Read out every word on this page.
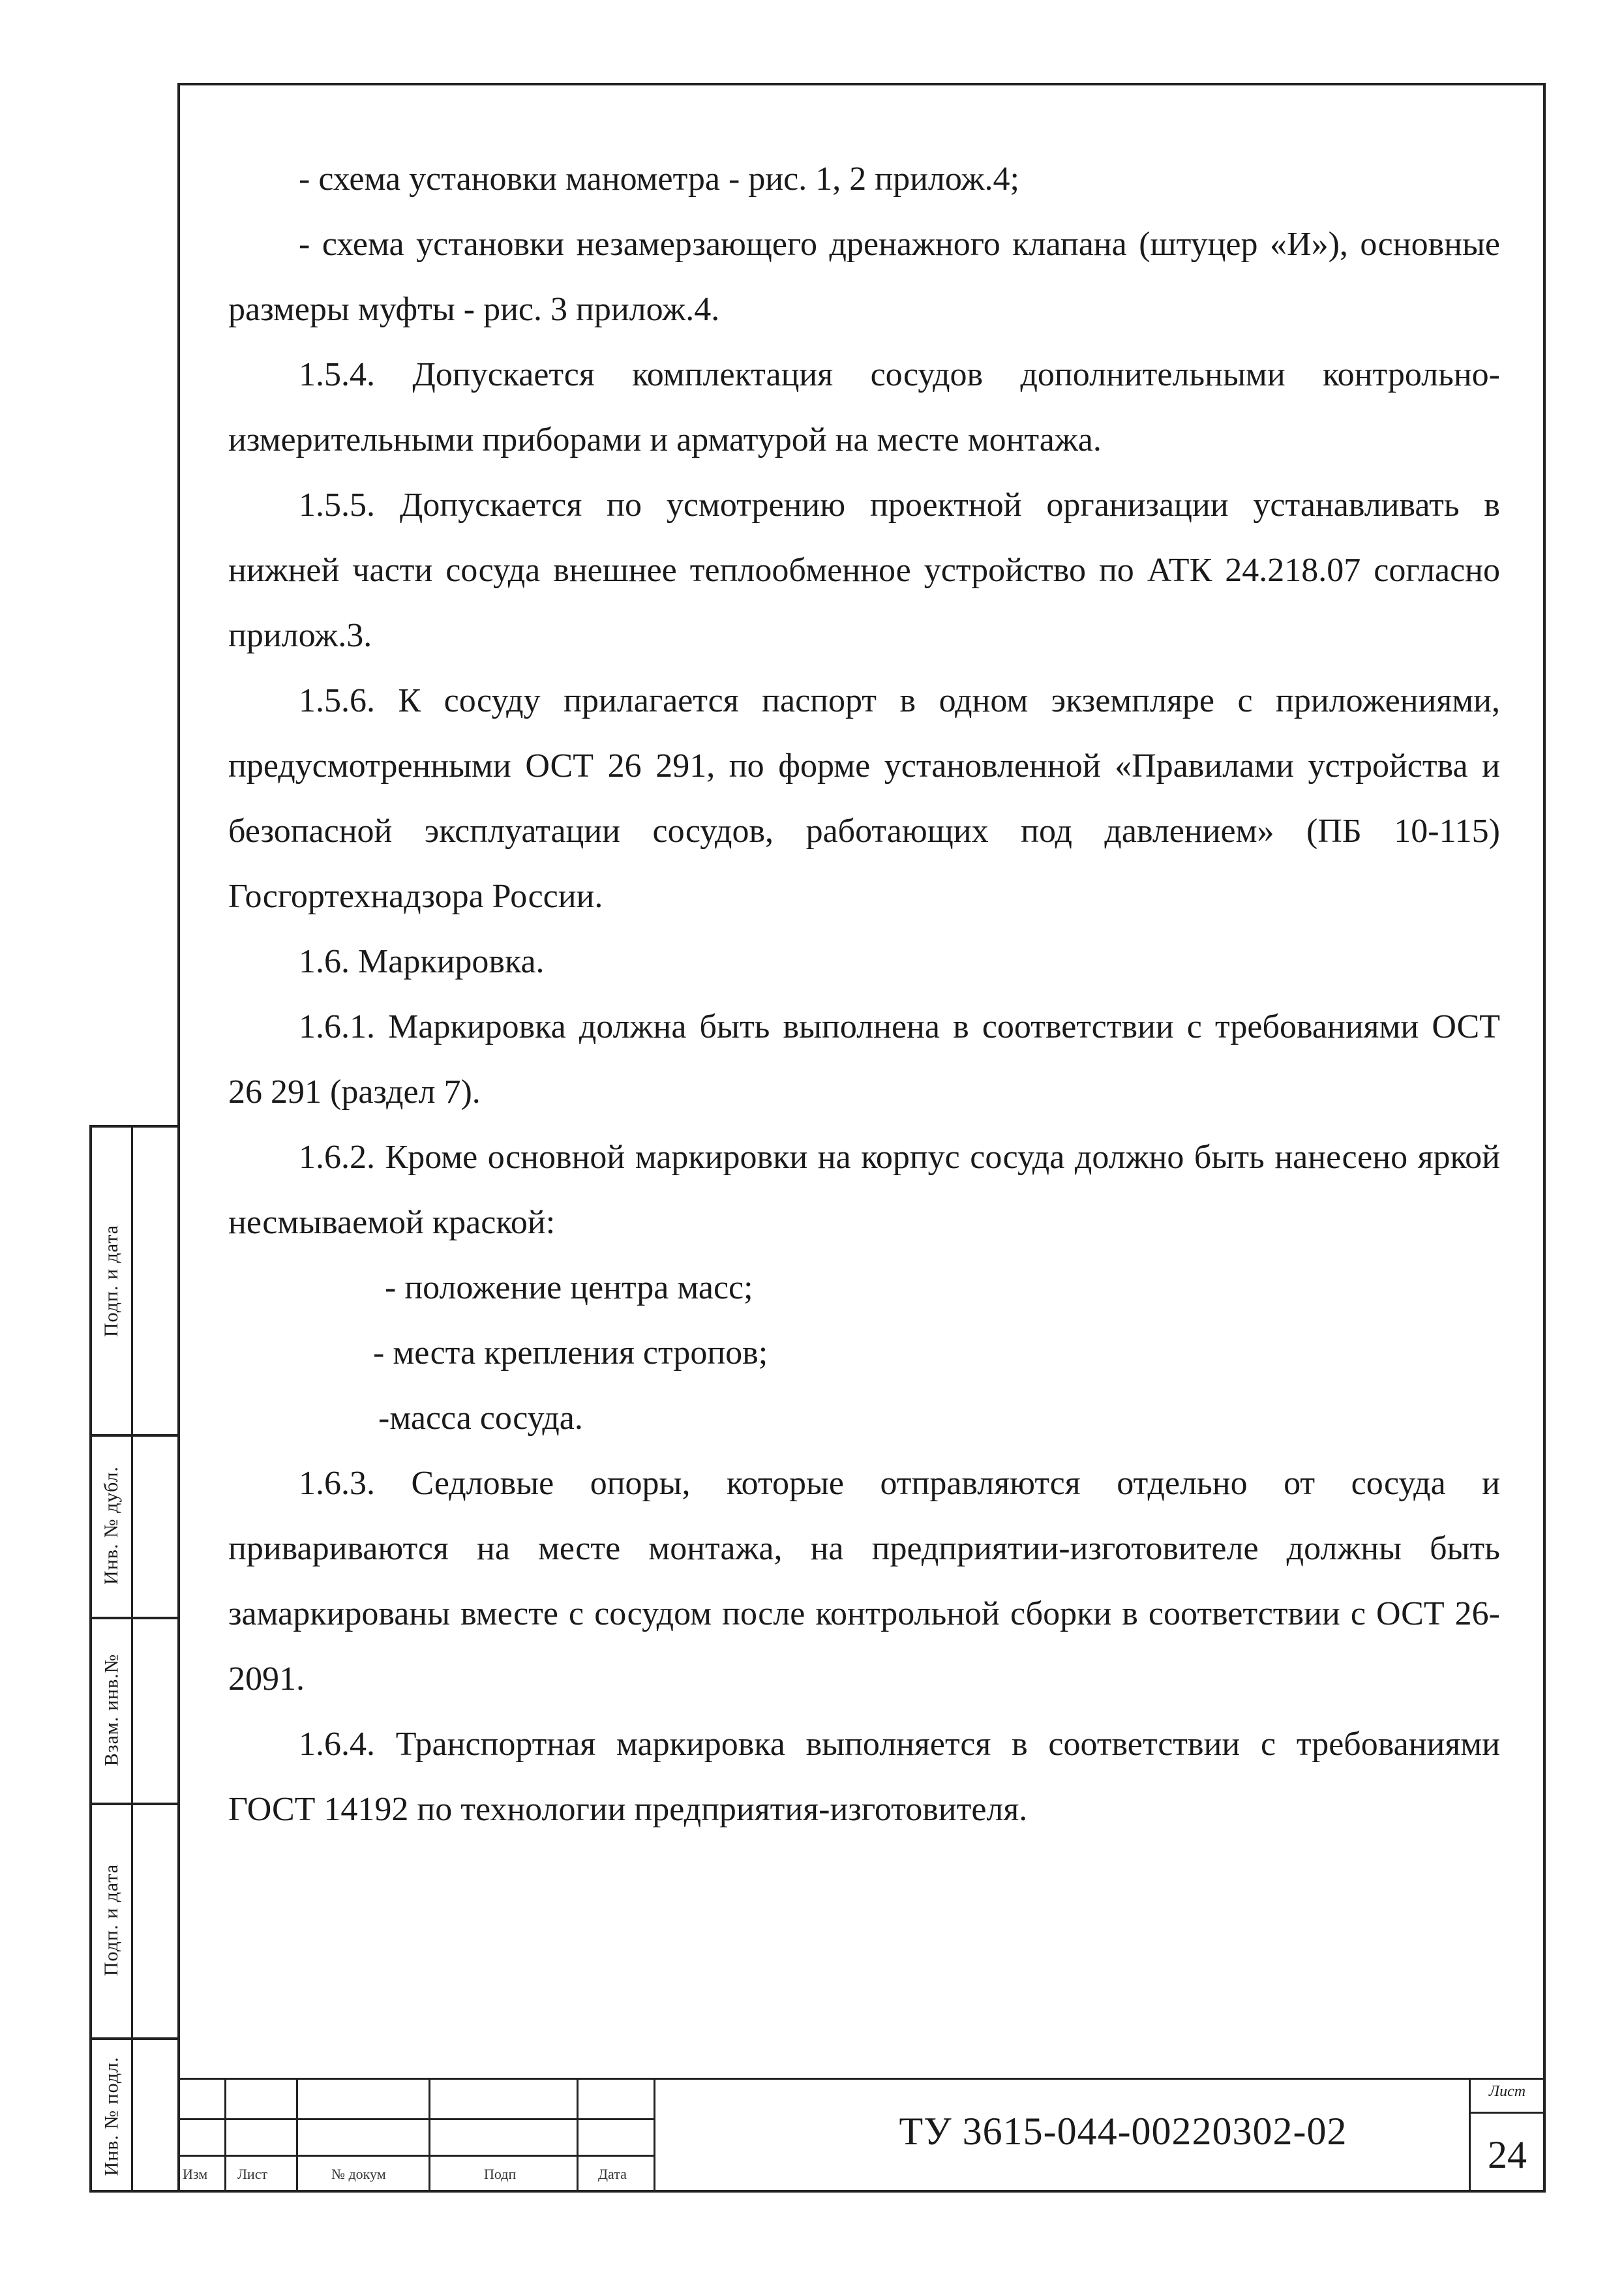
- схема установки манометра - рис. 1, 2 прилож.4;

- схема установки незамерзающего дренажного клапана (штуцер «И»), основные размеры муфты - рис. 3 прилож.4.

1.5.4. Допускается комплектация сосудов дополнительными контрольно-измерительными приборами и арматурой на месте монтажа.

1.5.5. Допускается по усмотрению проектной организации устанавливать в нижней части сосуда внешнее теплообменное устройство по АТК 24.218.07 согласно прилож.3.

1.5.6. К сосуду прилагается паспорт в одном экземпляре с приложениями, предусмотренными ОСТ 26 291, по форме установленной «Правилами устройства и безопасной эксплуатации сосудов, работающих под давлением» (ПБ 10-115) Госгортехнадзора России.

1.6. Маркировка.

1.6.1. Маркировка должна быть выполнена в соответствии с требованиями ОСТ 26 291 (раздел 7).

1.6.2. Кроме основной маркировки на корпус сосуда должно быть нанесено яркой несмываемой краской:

- положение центра масс;

- места крепления стропов;

-масса сосуда.

1.6.3. Седловые опоры, которые отправляются отдельно от сосуда и привариваются на месте монтажа, на предприятии-изготовителе должны быть замаркированы вместе с сосудом после контрольной сборки в соответствии с ОСТ 26-2091.

1.6.4. Транспортная маркировка выполняется в соответствии с требованиями ГОСТ 14192 по технологии предприятия-изготовителя.

Подп. и дата
Инв. № дубл.
Взам. инв.№
Подп. и дата
Инв. № подл.	Изм Лист	№ докум	Подп	Дата
ТУ 3615-044-00220302-02
Лист
24
